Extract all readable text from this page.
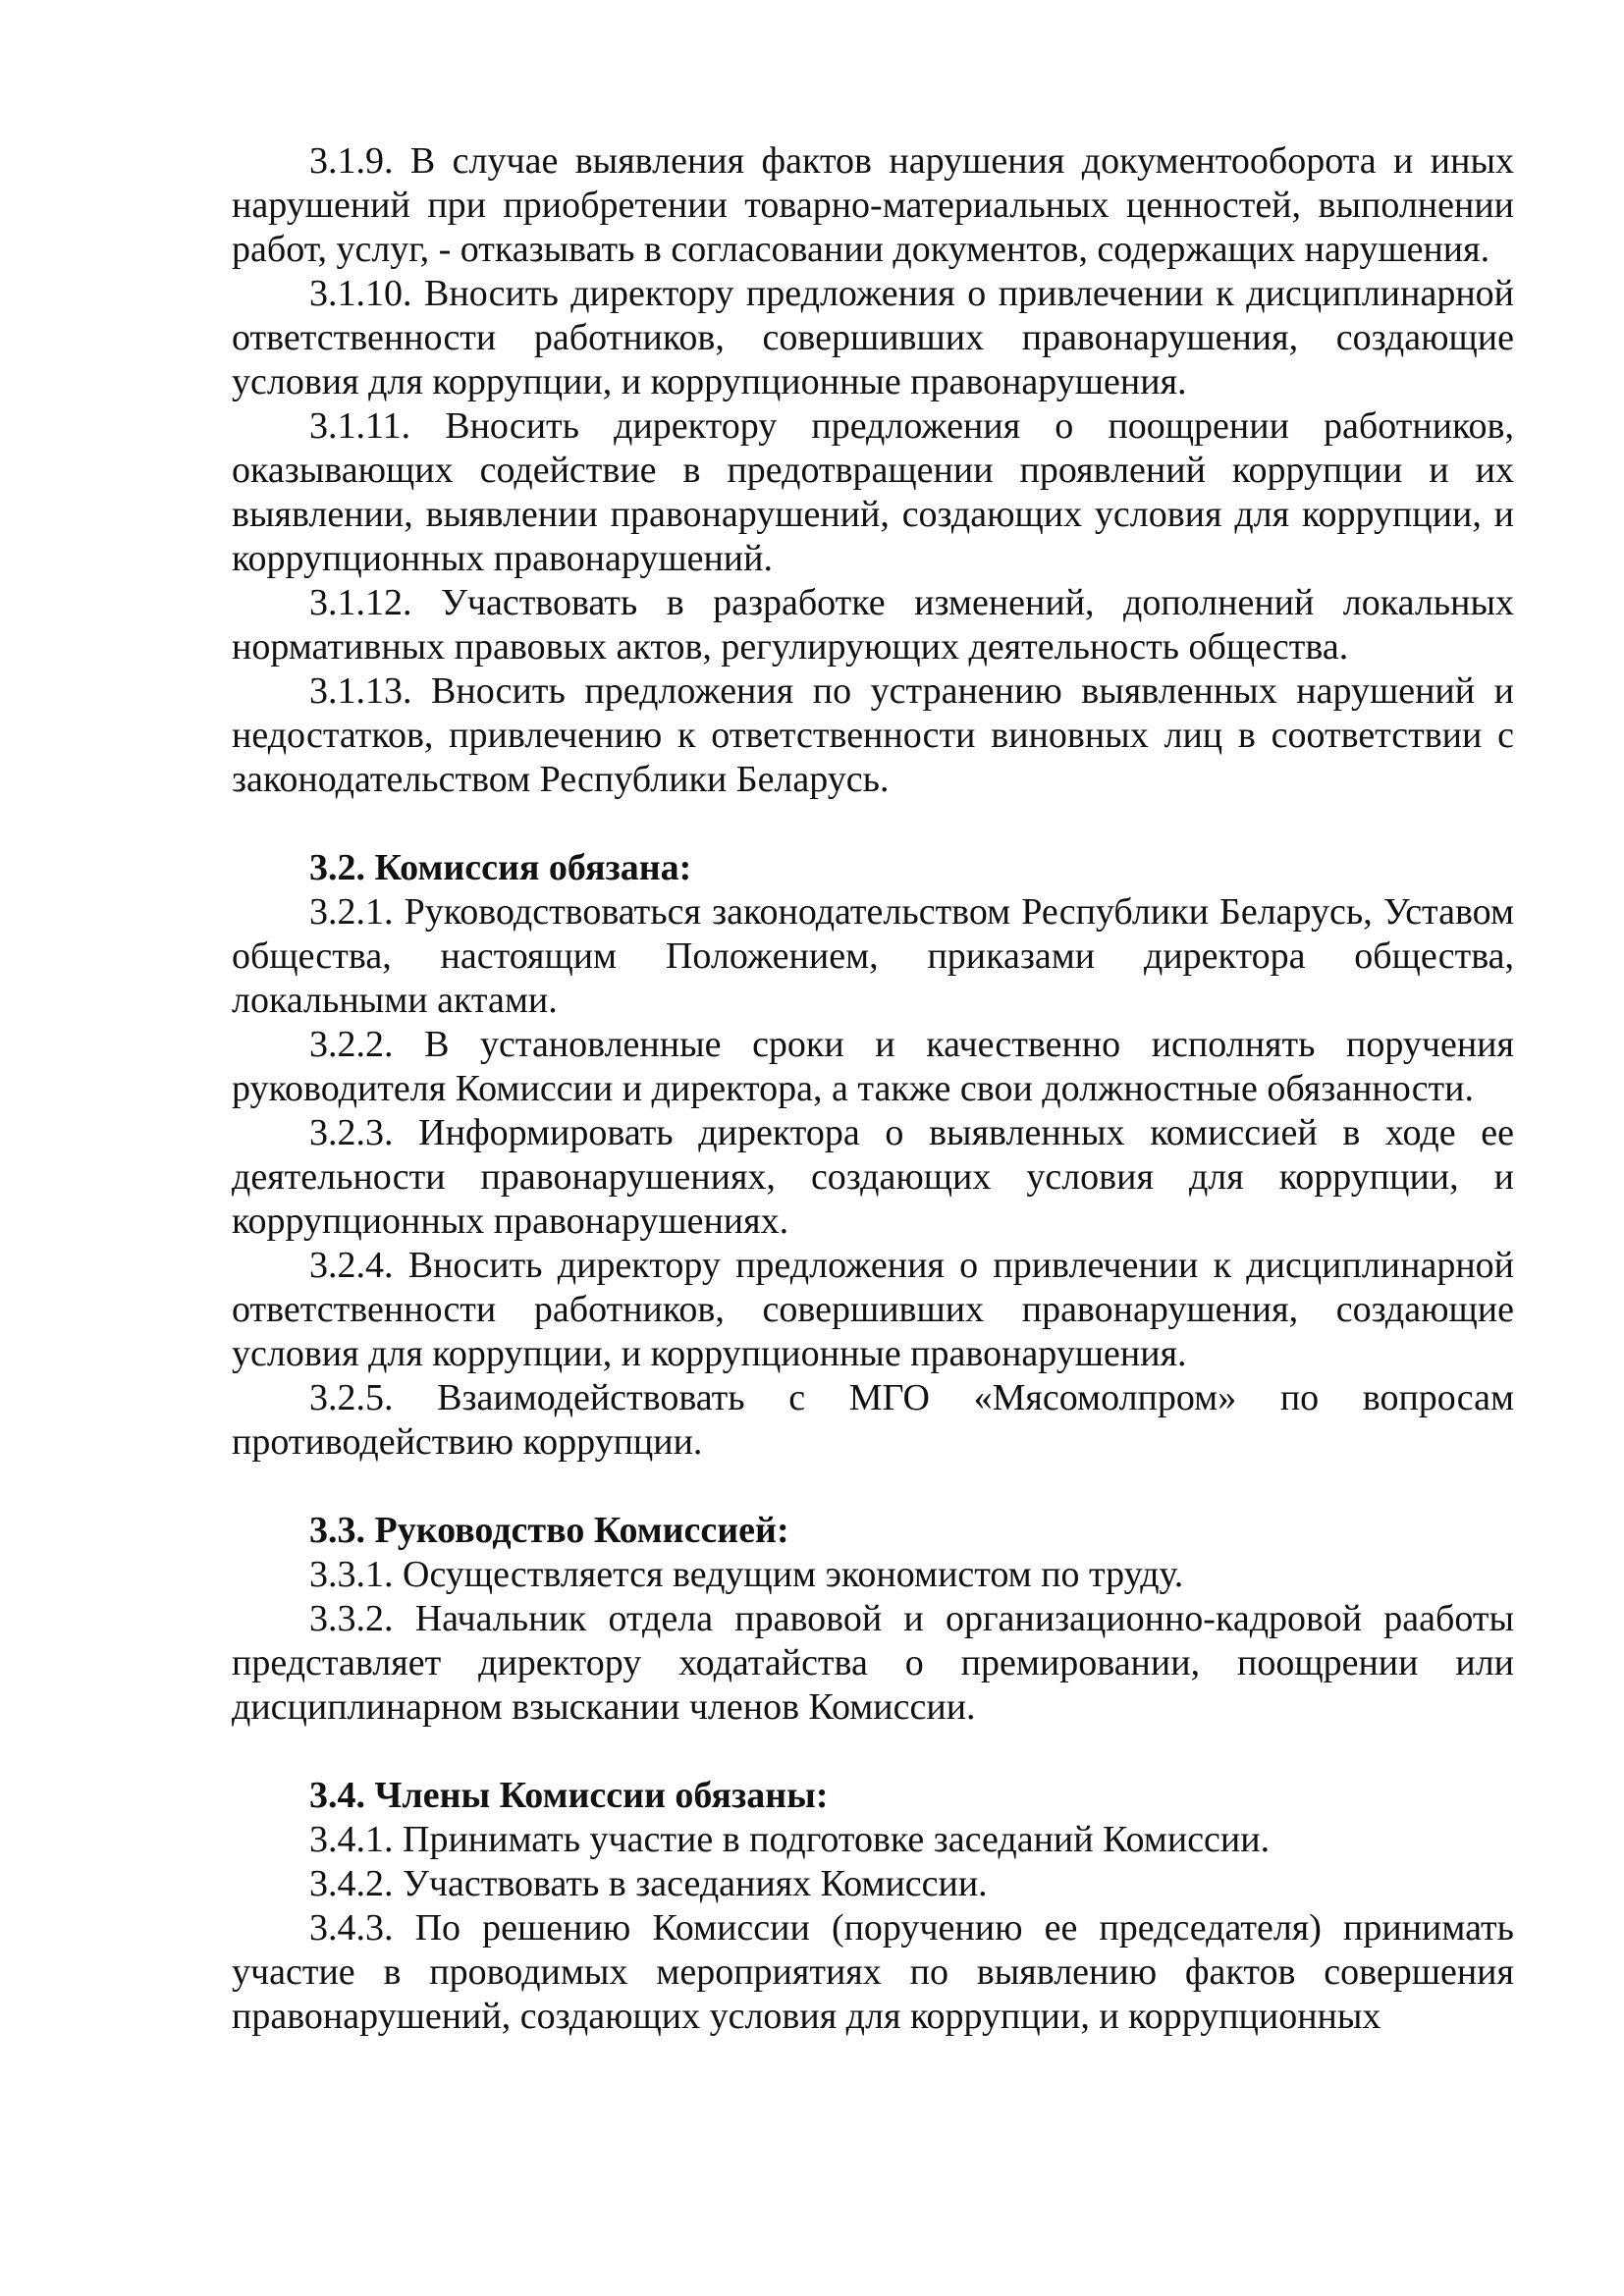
3.1.9. В случае выявления фактов нарушения документооборота и иных нарушений при приобретении товарно-материальных ценностей, выполнении работ, услуг, - отказывать в согласовании документов, содержащих нарушения.

3.1.10. Вносить директору предложения о привлечении к дисциплинарной ответственности работников, совершивших правонарушения, создающие условия для коррупции, и коррупционные правонарушения.

3.1.11. Вносить директору предложения о поощрении работников, оказывающих содействие в предотвращении проявлений коррупции и их выявлении, выявлении правонарушений, создающих условия для коррупции, и коррупционных правонарушений.

3.1.12. Участвовать в разработке изменений, дополнений локальных нормативных правовых актов, регулирующих деятельность общества.

3.1.13. Вносить предложения по устранению выявленных нарушений и недостатков, привлечению к ответственности виновных лиц в соответствии с законодательством Республики Беларусь.

3.2. Комиссия обязана:

3.2.1. Руководствоваться законодательством Республики Беларусь, Уставом общества, настоящим Положением, приказами директора общества, локальными актами.

3.2.2. В установленные сроки и качественно исполнять поручения руководителя Комиссии и директора, а также свои должностные обязанности.

3.2.3. Информировать директора о выявленных комиссией в ходе ее деятельности правонарушениях, создающих условия для коррупции, и коррупционных правонарушениях.

3.2.4. Вносить директору предложения о привлечении к дисциплинарной ответственности работников, совершивших правонарушения, создающие условия для коррупции, и коррупционные правонарушения.

3.2.5. Взаимодействовать с МГО «Мясомолпром» по вопросам противодействию коррупции.

3.3. Руководство Комиссией:

3.3.1. Осуществляется ведущим экономистом по труду.

3.3.2. Начальник отдела правовой и организационно-кадровой раaботы представляет директору ходатайства о премировании, поощрении или дисциплинарном взыскании членов Комиссии.

3.4. Члены Комиссии обязаны:

3.4.1. Принимать участие в подготовке заседаний Комиссии.

3.4.2. Участвовать в заседаниях Комиссии.

3.4.3. По решению Комиссии (поручению ее председателя) принимать участие в проводимых мероприятиях по выявлению фактов совершения правонарушений, создающих условия для коррупции, и коррупционных
